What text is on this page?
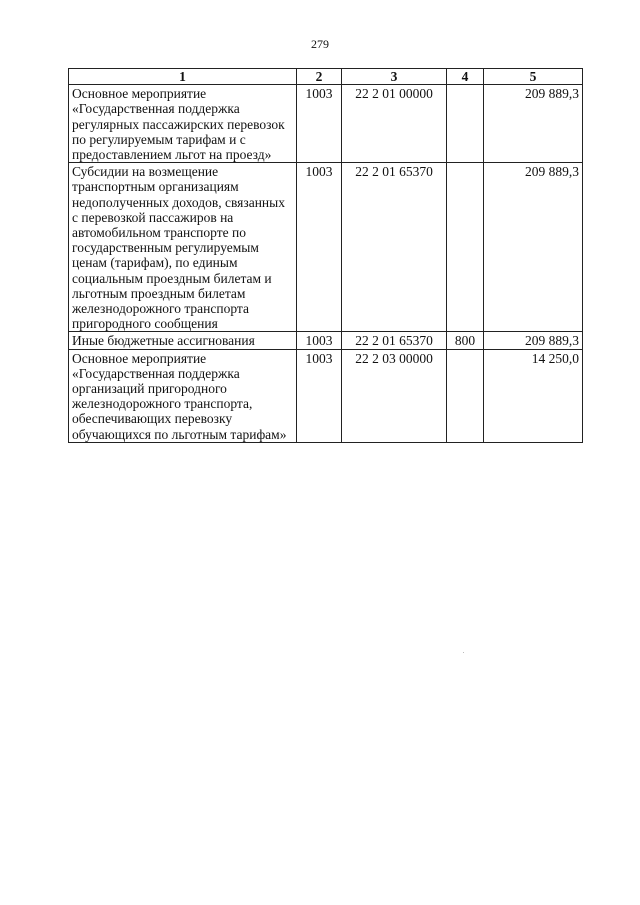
279
1	2	3	4	5
Основное мероприятие «Государственная поддержка регулярных пассажирских перевозок по регулируемым тарифам и с предоставлением льгот на проезд»	1003	22 2 01 00000		209 889,3
Субсидии на возмещение транспортным организациям недополученных доходов, связанных с перевозкой пассажиров на автомобильном транспорте по государственным регулируемым ценам (тарифам), по единым социальным проездным билетам и льготным проездным билетам железнодорожного транспорта пригородного сообщения	1003	22 2 01 65370		209 889,3
Иные бюджетные ассигнования	1003	22 2 01 65370	800	209 889,3
Основное мероприятие «Государственная поддержка организаций пригородного железнодорожного транспорта, обеспечивающих перевозку обучающихся по льготным тарифам»	1003	22 2 03 00000		14 250,0
